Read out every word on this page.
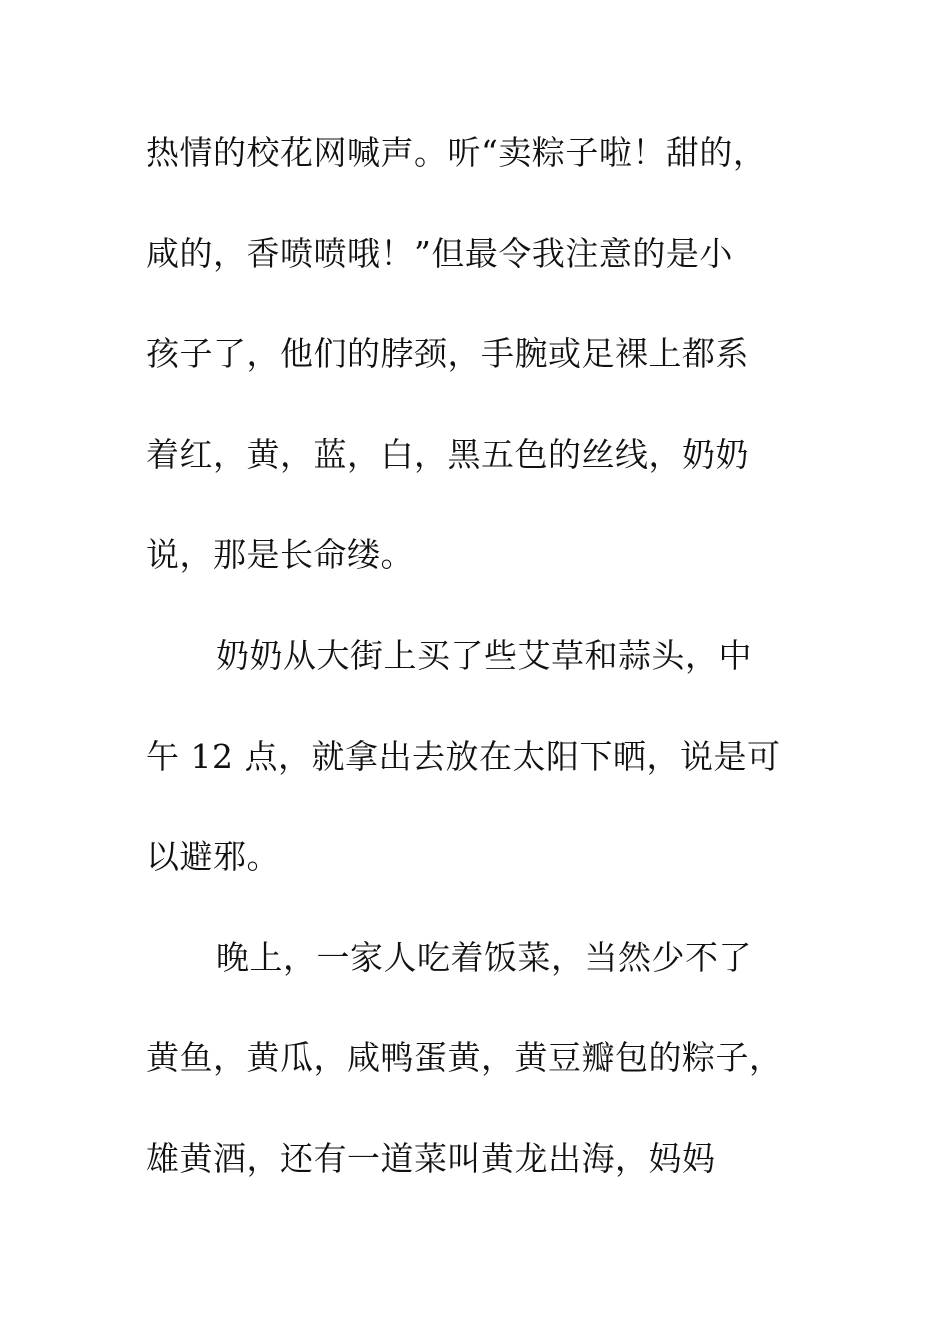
热情的校花网喊声。听“卖粽子啦！甜的，
咸的，香喷喷哦！”但最令我注意的是小
孩子了，他们的脖颈，手腕或足裸上都系
着红，黄，蓝，白，黑五色的丝线，奶奶
说，那是长命缕。
奶奶从大街上买了些艾草和蒜头，中
午 12 点，就拿出去放在太阳下晒，说是可
以避邪。
晚上，一家人吃着饭菜，当然少不了
黄鱼，黄瓜，咸鸭蛋黄，黄豆瓣包的粽子，
雄黄酒，还有一道菜叫黄龙出海，妈妈
